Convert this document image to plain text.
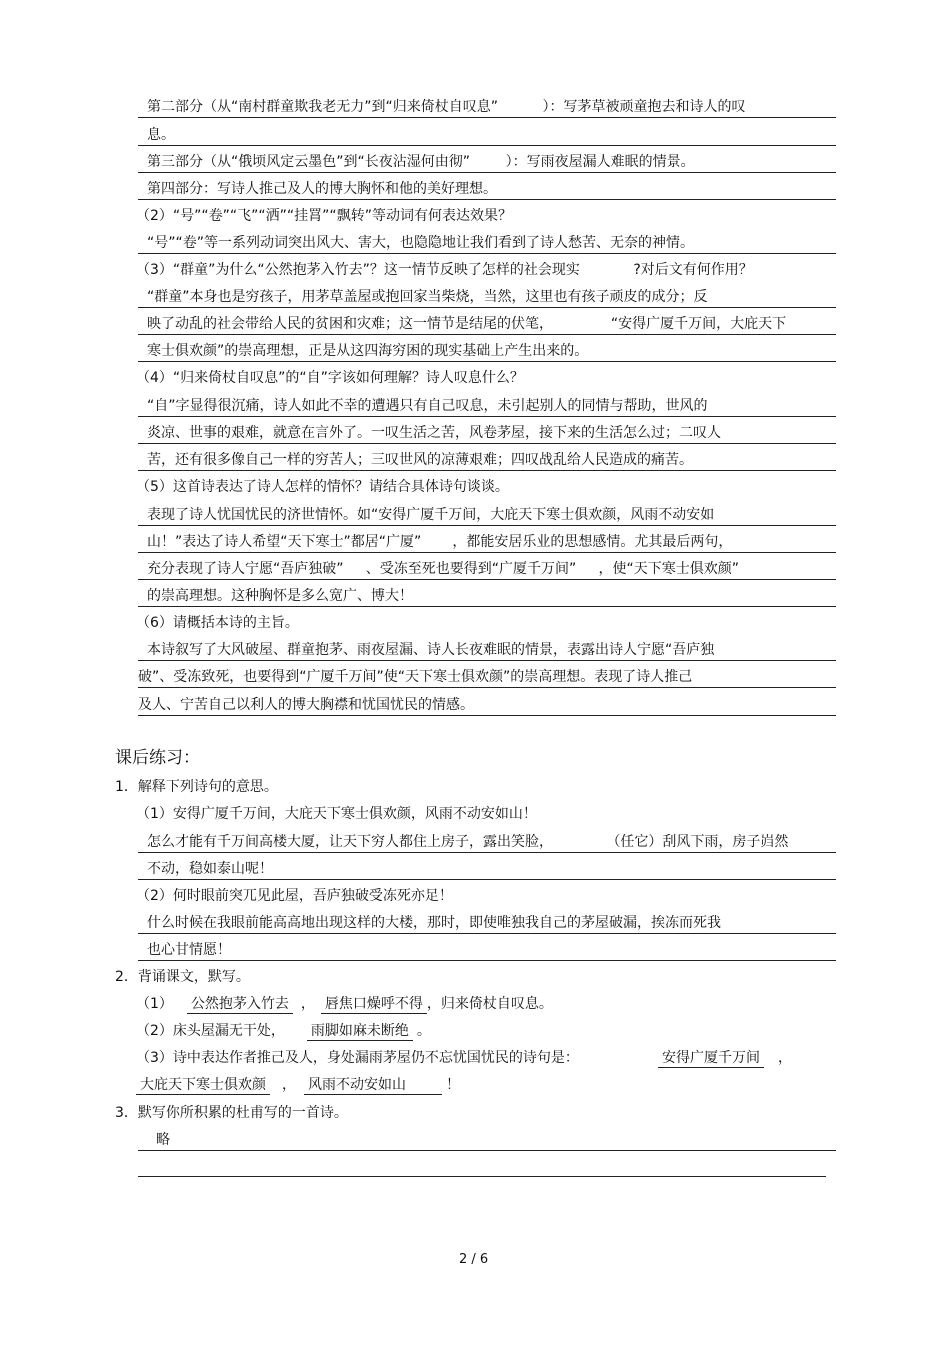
第二部分（从“南村群童欺我老无力”到“归来倚杖自叹息”          ）：写茅草被顽童抱去和诗人的叹
息。
第三部分（从“俄顷风定云墨色”到“长夜沾湿何由彻”        ）：写雨夜屋漏人难眠的情景。
第四部分：写诗人推己及人的博大胸怀和他的美好理想。
（2）“号”“卷”“飞”“洒”“挂罥”“飘转”等动词有何表达效果？
“号”“卷”等一系列动词突出风大、害大，也隐隐地让我们看到了诗人愁苦、无奈的神情。
（3）“群童”为什么“公然抱茅入竹去”？这一情节反映了怎样的社会现实            ?对后文有何作用？
“群童”本身也是穷孩子，用茅草盖屋或抱回家当柴烧，当然，这里也有孩子顽皮的成分；反
映了动乱的社会带给人民的贫困和灾难；这一情节是结尾的伏笔，             “安得广厦千万间，大庇天下
寒士俱欢颜”的崇高理想，正是从这四海穷困的现实基础上产生出来的。
（4）“归来倚杖自叹息”的“自”字该如何理解？诗人叹息什么？
“自”字显得很沉痛，诗人如此不幸的遭遇只有自己叹息，未引起别人的同情与帮助，世风的
炎凉、世事的艰难，就意在言外了。一叹生活之苦，风卷茅屋，接下来的生活怎么过；二叹人
苦，还有很多像自己一样的穷苦人；三叹世风的凉薄艰难；四叹战乱给人民造成的痛苦。
（5）这首诗表达了诗人怎样的情怀？请结合具体诗句谈谈。
表现了诗人忧国忧民的济世情怀。如“安得广厦千万间，大庇天下寒士俱欢颜，风雨不动安如
山！”表达了诗人希望“天下寒士”都居“广厦”       ，都能安居乐业的思想感情。尤其最后两句，
充分表现了诗人宁愿“吾庐独破”     、受冻至死也要得到“广厦千万间”     ，使“天下寒士俱欢颜”
的崇高理想。这种胸怀是多么宽广、博大！
（6）请概括本诗的主旨。
本诗叙写了大风破屋、群童抱茅、雨夜屋漏、诗人长夜难眠的情景，表露出诗人宁愿“吾庐独
破”、受冻致死，也要得到“广厦千万间”使“天下寒士俱欢颜”的崇高理想。表现了诗人推己
及人、宁苦自己以利人的博大胸襟和忧国忧民的情感。
课后练习：
1．解释下列诗句的意思。
（1）安得广厦千万间，大庇天下寒士俱欢颜，风雨不动安如山！
怎么才能有千万间高楼大厦，让天下穷人都住上房子，露出笑脸，            （任它）刮风下雨，房子岿然
不动，稳如泰山呢！
（2）何时眼前突兀见此屋，吾庐独破受冻死亦足！
什么时候在我眼前能高高地出现这样的大楼，那时，即使唯独我自己的茅屋破漏，挨冻而死我
也心甘情愿！
2．背诵课文，默写。
（1） 公然抱茅入竹去 ， 唇焦口燥呼不得 ，归来倚杖自叹息。
（2）床头屋漏无干处， 雨脚如麻未断绝 。
（3）诗中表达作者推己及人，身处漏雨茅屋仍不忘忧国忧民的诗句是：	安得广厦千万间 ，
大庇天下寒士俱欢颜 ， 风雨不动安如山	！
3．默写你所积累的杜甫写的一首诗。
略
2 / 6
